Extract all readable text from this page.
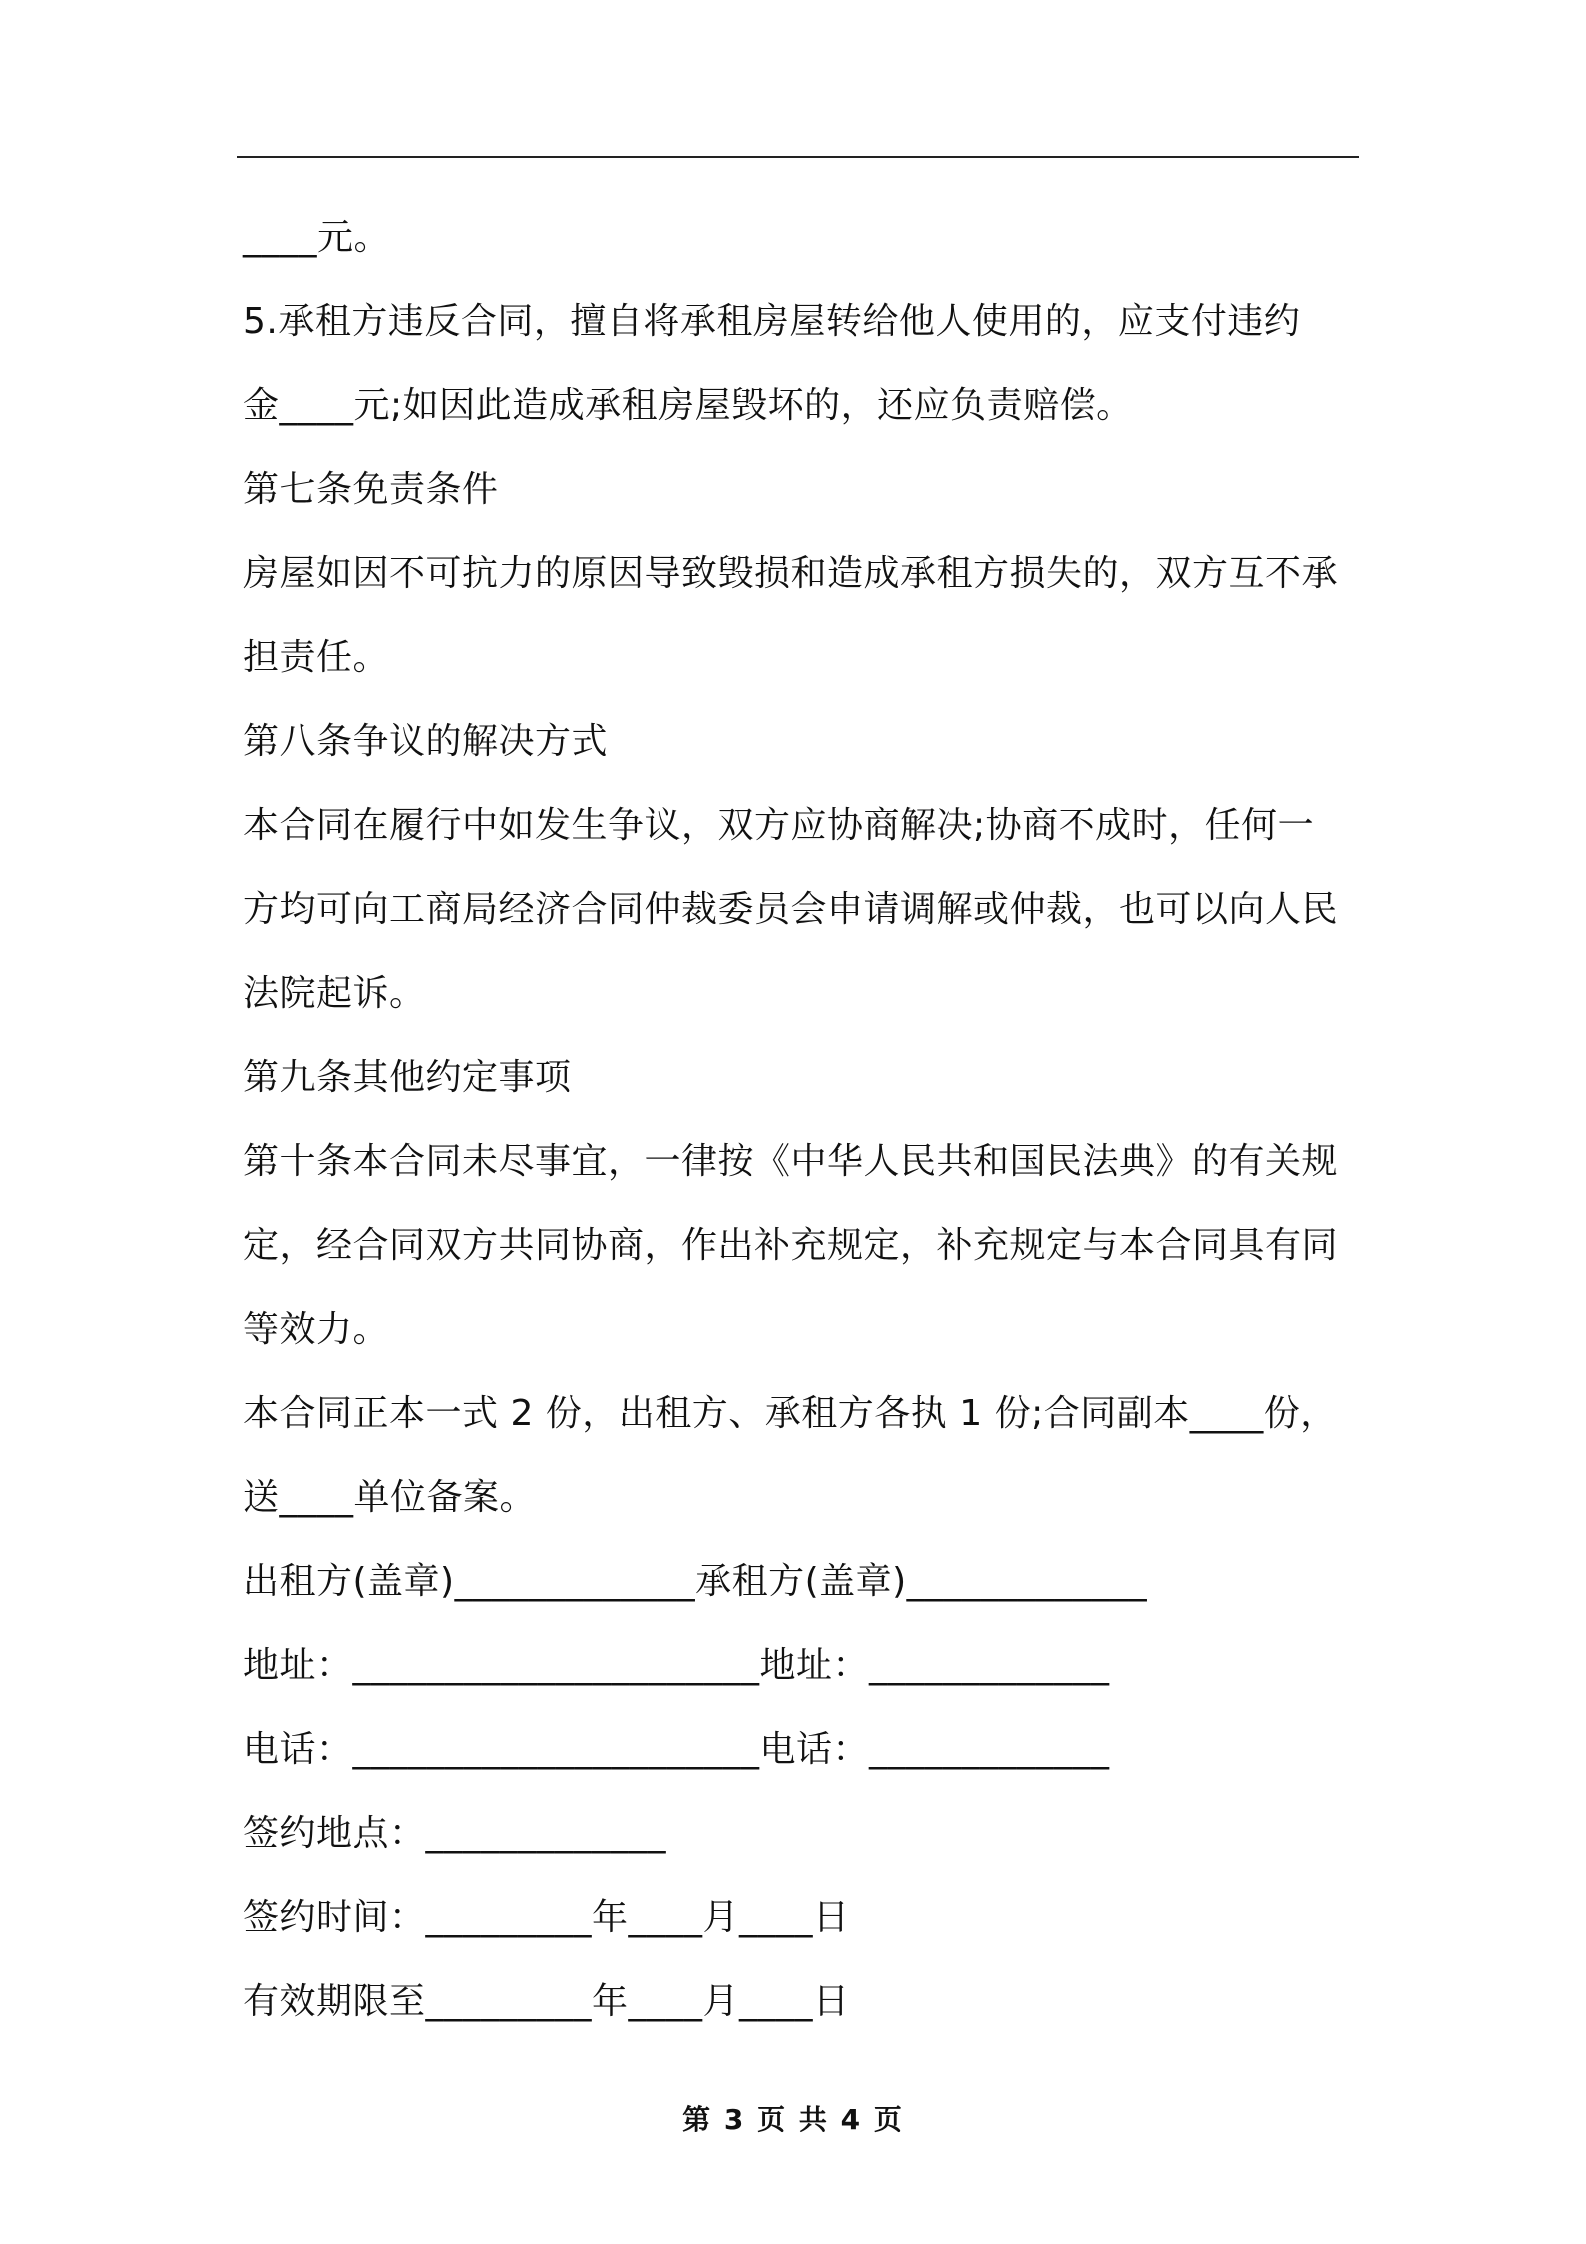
____元。
5.承租方违反合同，擅自将承租房屋转给他人使用的，应支付违约
金____元;如因此造成承租房屋毁坏的，还应负责赔偿。
第七条免责条件
房屋如因不可抗力的原因导致毁损和造成承租方损失的，双方互不承
担责任。
第八条争议的解决方式
本合同在履行中如发生争议，双方应协商解决;协商不成时，任何一
方均可向工商局经济合同仲裁委员会申请调解或仲裁，也可以向人民
法院起诉。
第九条其他约定事项
第十条本合同未尽事宜，一律按《中华人民共和国民法典》的有关规
定，经合同双方共同协商，作出补充规定，补充规定与本合同具有同
等效力。
本合同正本一式 2 份，出租方、承租方各执 1 份;合同副本____份，
送____单位备案。
出租方(盖章)_____________承租方(盖章)_____________
地址：______________________地址：_____________
电话：______________________电话：_____________
签约地点：_____________
签约时间：_________年____月____日
有效期限至_________年____月____日
第 3 页 共 4 页
